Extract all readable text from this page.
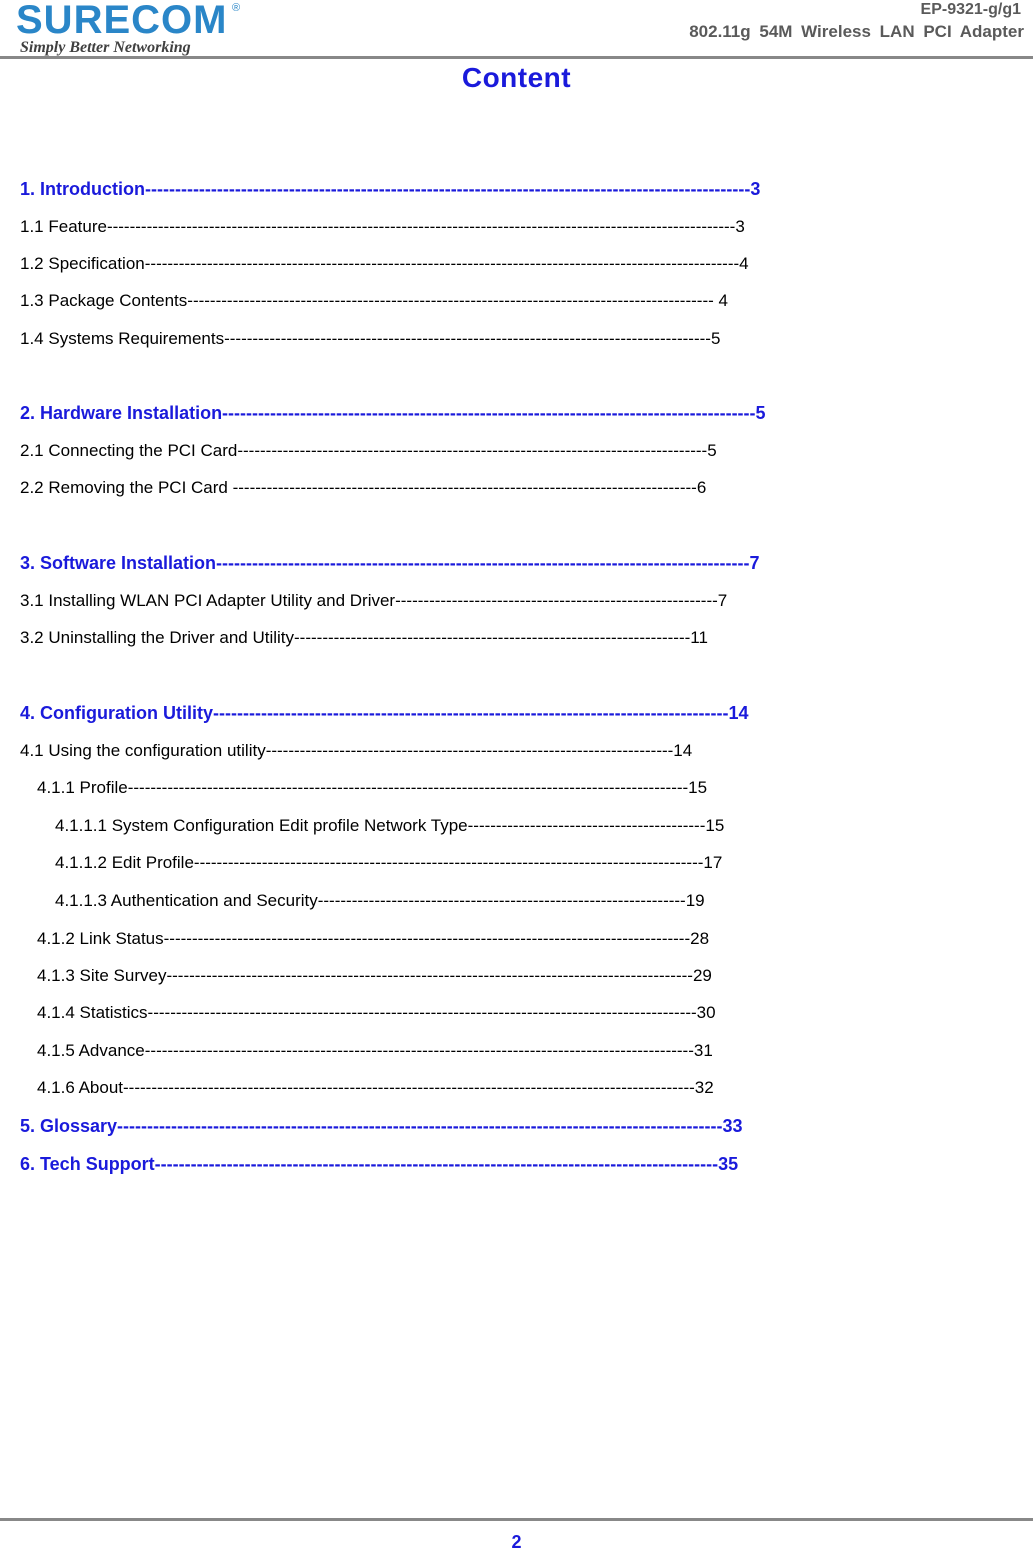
SURECOM ®
Simply Better Networking
EP-9321-g/g1
802.11g 54M Wireless LAN PCI Adapter
Content
1. Introduction-----------------------------------------------------------------------------------------------------3
1.1 Feature---------------------------------------------------------------------------------------------------------------3
1.2 Specification---------------------------------------------------------------------------------------------------------4
1.3 Package Contents--------------------------------------------------------------------------------------------- 4
1.4 Systems Requirements--------------------------------------------------------------------------------------5
2. Hardware Installation-----------------------------------------------------------------------------------------5
2.1 Connecting the PCI Card-----------------------------------------------------------------------------------5
2.2 Removing the PCI Card ----------------------------------------------------------------------------------6
3. Software Installation-----------------------------------------------------------------------------------------7
3.1 Installing WLAN PCI Adapter Utility and Driver---------------------------------------------------------7
3.2 Uninstalling the Driver and Utility----------------------------------------------------------------------11
4. Configuration Utility--------------------------------------------------------------------------------------14
4.1 Using the configuration utility------------------------------------------------------------------------14
4.1.1 Profile---------------------------------------------------------------------------------------------------15
4.1.1.1 System Configuration Edit profile Network Type------------------------------------------15
4.1.1.2 Edit Profile------------------------------------------------------------------------------------------17
4.1.1.3 Authentication and Security-----------------------------------------------------------------19
4.1.2 Link Status---------------------------------------------------------------------------------------------28
4.1.3 Site Survey---------------------------------------------------------------------------------------------29
4.1.4 Statistics-------------------------------------------------------------------------------------------------30
4.1.5 Advance-------------------------------------------------------------------------------------------------31
4.1.6 About-----------------------------------------------------------------------------------------------------32
5. Glossary-----------------------------------------------------------------------------------------------------33
6. Tech Support----------------------------------------------------------------------------------------------35
2
